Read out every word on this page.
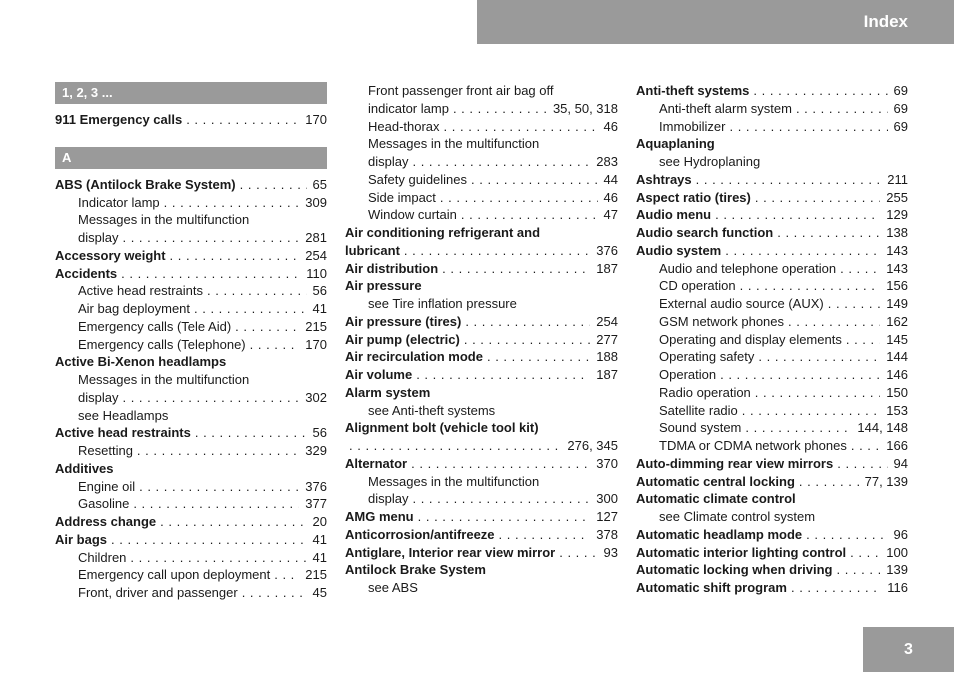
Index
1, 2, 3 ...
911 Emergency calls . . .	170
A
ABS (Antilock Brake System) . . .	65
Indicator lamp . . .	309
Messages in the multifunction
display . . .	281
Accessory weight . . .	254
Accidents . . .	110
Active head restraints . . .	56
Air bag deployment . . .	41
Emergency calls (Tele Aid) . . .	215
Emergency calls (Telephone) . . .	170
Active Bi-Xenon headlamps
Messages in the multifunction
display . . .	302
see Headlamps
Active head restraints . . .	56
Resetting . . .	329
Additives
Engine oil . . .	376
Gasoline . . .	377
Address change . . .	20
Air bags . . .	41
Children . . .	41
Emergency call upon deployment . . .	215
Front, driver and passenger . . .	45
Front passenger front air bag off
indicator lamp . . .	35, 50, 318
Head-thorax . . .	46
Messages in the multifunction
display . . .	283
Safety guidelines . . .	44
Side impact . . .	46
Window curtain . . .	47
Air conditioning refrigerant and
lubricant . . .	376
Air distribution . . .	187
Air pressure
see Tire inflation pressure
Air pressure (tires) . . .	254
Air pump (electric) . . .	277
Air recirculation mode . . .	188
Air volume . . .	187
Alarm system
see Anti-theft systems
Alignment bolt (vehicle tool kit)
. . .
276, 345
Alternator . . .	370
Messages in the multifunction
display . . .	300
AMG menu . . .	127
Anticorrosion/antifreeze . . .	378
Antiglare, Interior rear view mirror . . .	93
Antilock Brake System
see ABS
Anti-theft systems . . .	69
Anti-theft alarm system . . .	69
Immobilizer . . .	69
Aquaplaning
see Hydroplaning
Ashtrays . . .	211
Aspect ratio (tires) . . .	255
Audio menu . . .	129
Audio search function . . .	138
Audio system . . .	143
Audio and telephone operation . . .	143
CD operation . . .	156
External audio source (AUX) . . .	149
GSM network phones . . .	162
Operating and display elements . . .	145
Operating safety . . .	144
Operation . . .	146
Radio operation . . .	150
Satellite radio . . .	153
Sound system . . .	144, 148
TDMA or CDMA network phones . . .	166
Auto-dimming rear view mirrors . . .	94
Automatic central locking . . .	77, 139
Automatic climate control
see Climate control system
Automatic headlamp mode . . .	96
Automatic interior lighting control . . .	100
Automatic locking when driving . . .	139
Automatic shift program . . .	116
3
